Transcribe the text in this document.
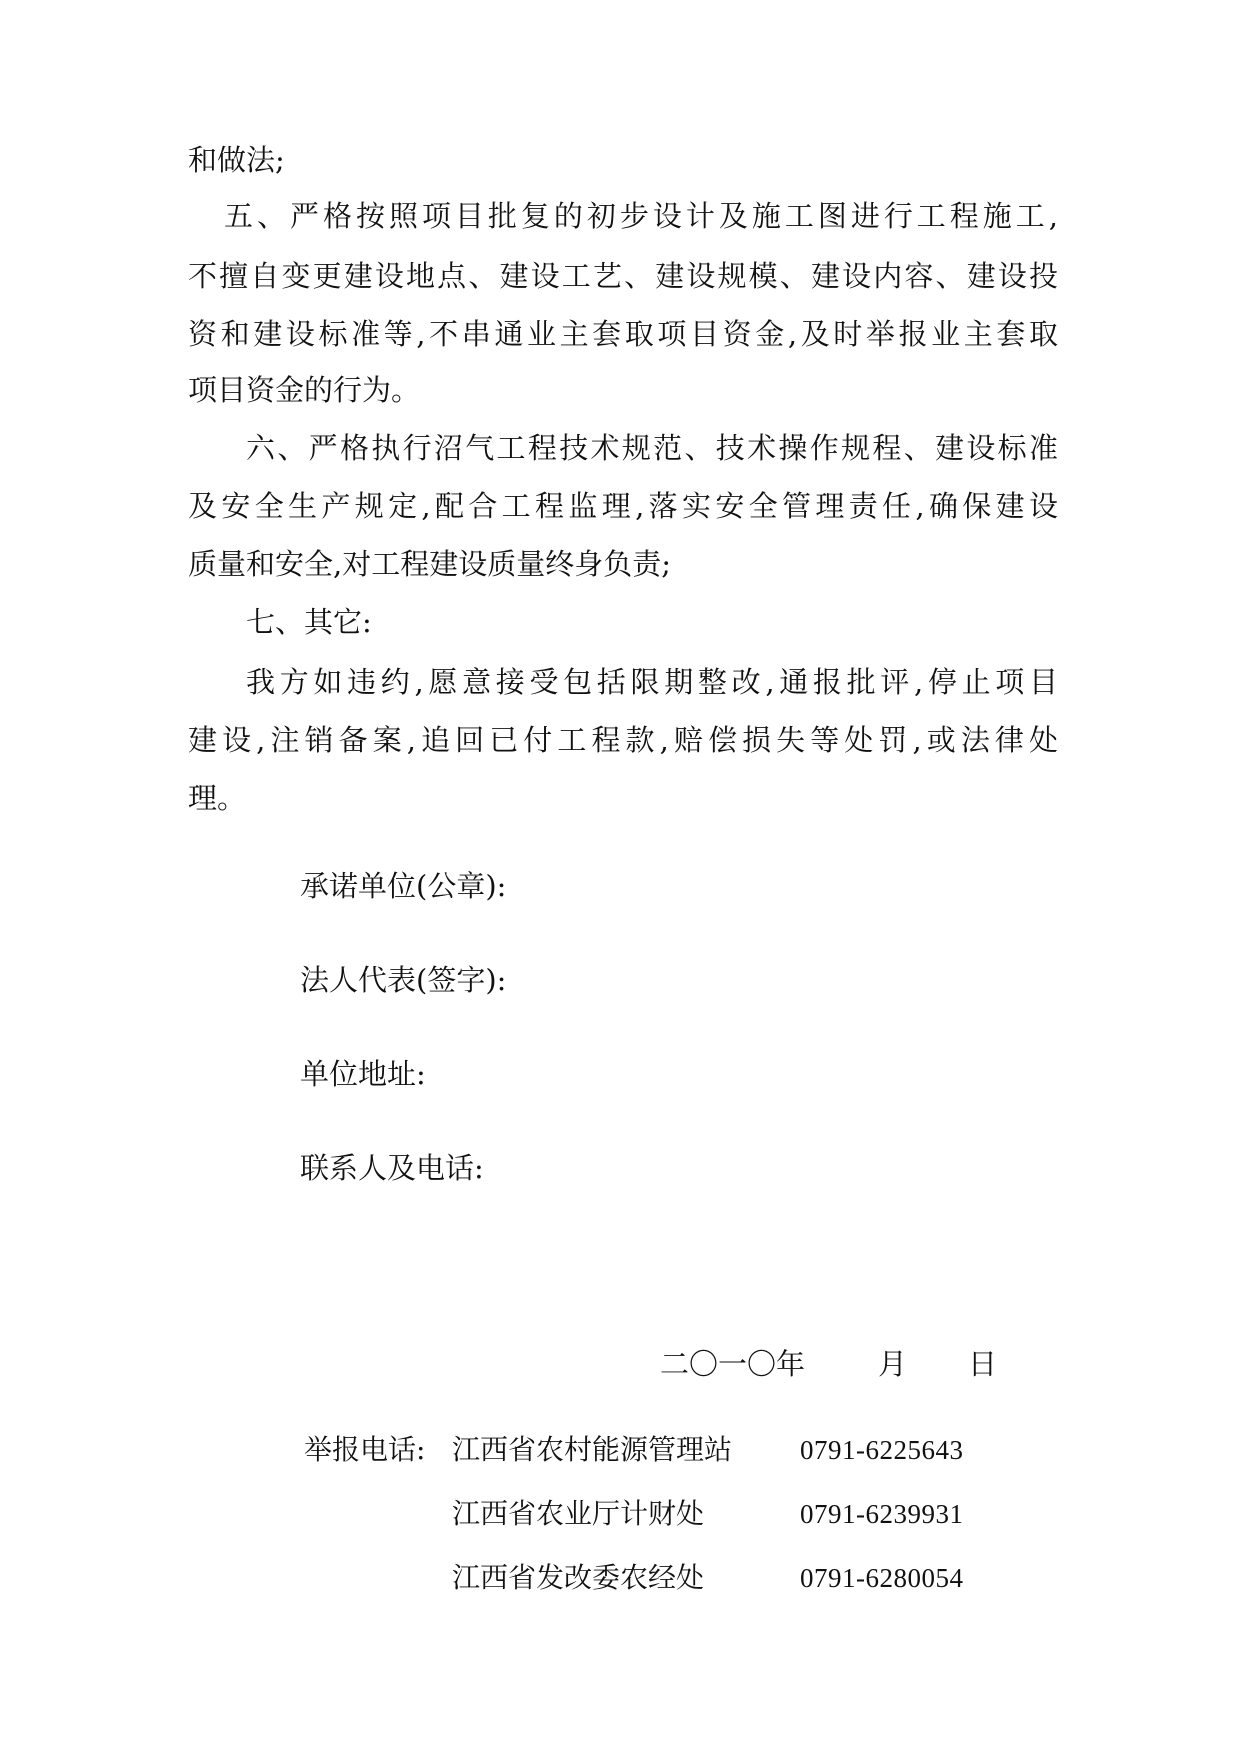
和做法;
五、严格按照项目批复的初步设计及施工图进行工程施工,
不擅自变更建设地点、建设工艺、建设规模、建设内容、建设投
资和建设标准等,不串通业主套取项目资金,及时举报业主套取
项目资金的行为。
六、严格执行沼气工程技术规范、技术操作规程、建设标准
及安全生产规定,配合工程监理,落实安全管理责任,确保建设
质量和安全,对工程建设质量终身负责;
七、其它:
我方如违约,愿意接受包括限期整改,通报批评,停止项目
建设,注销备案,追回已付工程款,赔偿损失等处罚,或法律处
理。
承诺单位(公章):
法人代表(签字):
单位地址:
联系人及电话:
二〇一〇年	月 日
举报电话: 江西省农村能源管理站	0791-6225643
江西省农业厅计财处	0791-6239931
江西省发改委农经处	0791-6280054
